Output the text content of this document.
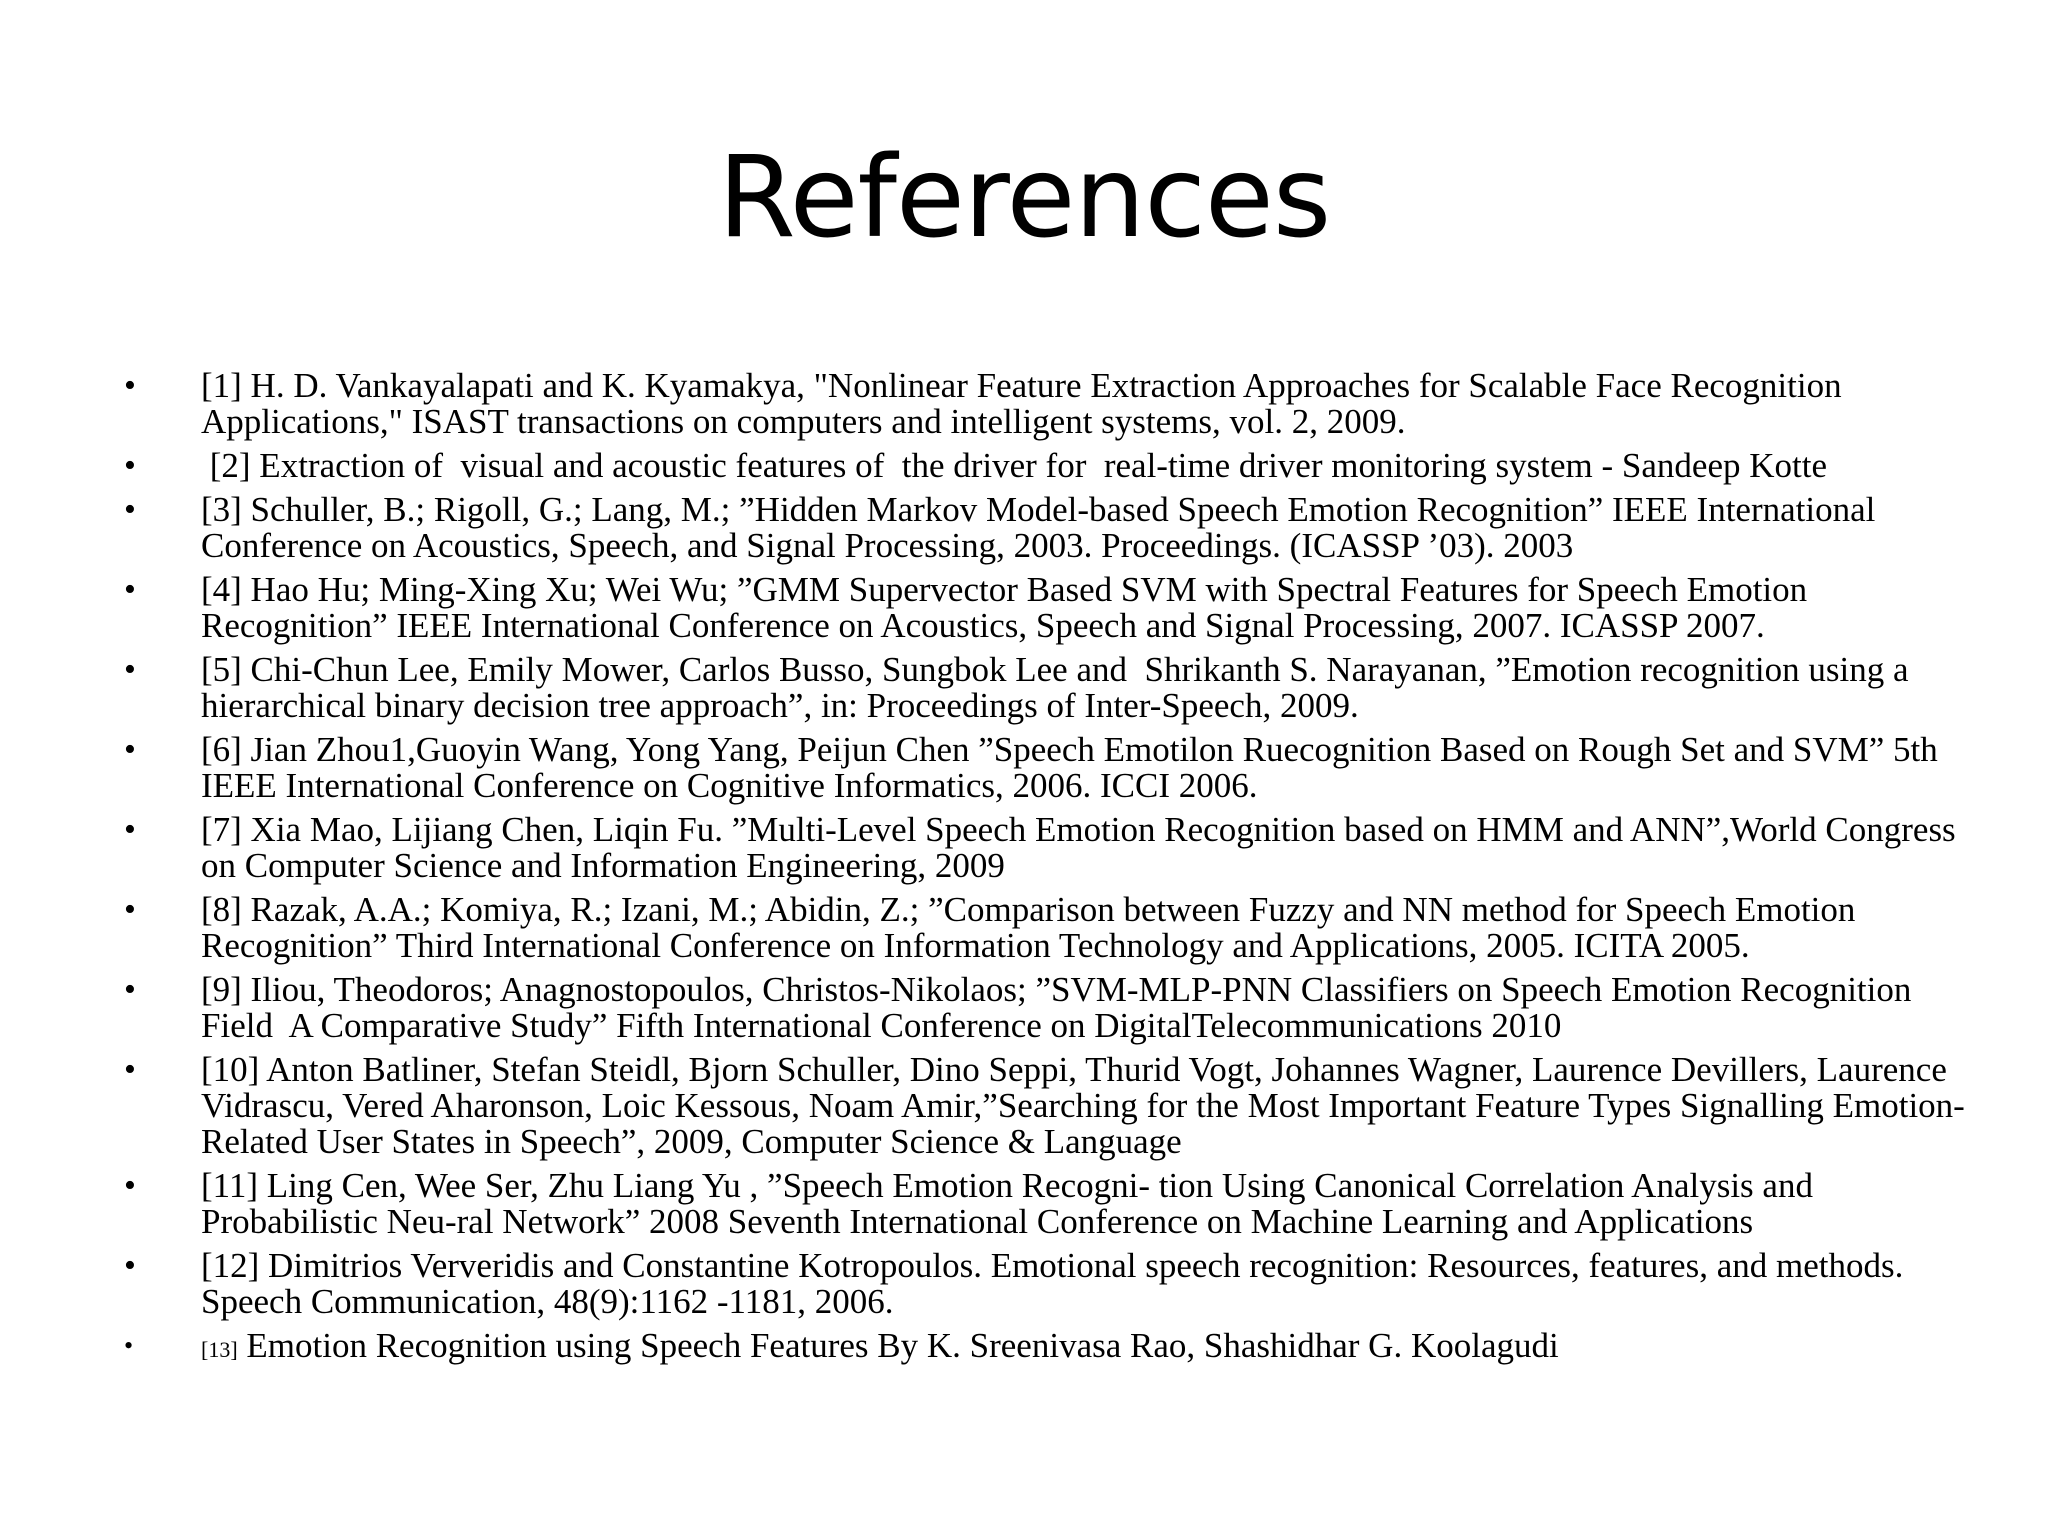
References
• [1] H. D. Vankayalapati and K. Kyamakya, "Nonlinear Feature Extraction Approaches for Scalable Face Recognition Applications," ISAST transactions on computers and intelligent systems, vol. 2, 2009.
• [2] Extraction of  visual and acoustic features of  the driver for  real-time driver monitoring system - Sandeep Kotte
• [3] Schuller, B.; Rigoll, G.; Lang, M.; ”Hidden Markov Model-based Speech Emotion Recognition” IEEE International Conference on Acoustics, Speech, and Signal Processing, 2003. Proceedings. (ICASSP ’03). 2003
• [4] Hao Hu; Ming-Xing Xu; Wei Wu; ”GMM Supervector Based SVM with Spectral Features for Speech Emotion Recognition” IEEE International Conference on Acoustics, Speech and Signal Processing, 2007. ICASSP 2007.
• [5] Chi-Chun Lee, Emily Mower, Carlos Busso, Sungbok Lee and  Shrikanth S. Narayanan, ”Emotion recognition using a hierarchical binary decision tree approach”, in: Proceedings of Inter-Speech, 2009.
• [6] Jian Zhou1,Guoyin Wang, Yong Yang, Peijun Chen ”Speech Emotilon Ruecognition Based on Rough Set and SVM” 5th IEEE International Conference on Cognitive Informatics, 2006. ICCI 2006.
• [7] Xia Mao, Lijiang Chen, Liqin Fu. ”Multi-Level Speech Emotion Recognition based on HMM and ANN”,World Congress on Computer Science and Information Engineering, 2009
• [8] Razak, A.A.; Komiya, R.; Izani, M.; Abidin, Z.; ”Comparison between Fuzzy and NN method for Speech Emotion Recognition” Third International Conference on Information Technology and Applications, 2005. ICITA 2005.
• [9] Iliou, Theodoros; Anagnostopoulos, Christos-Nikolaos; ”SVM-MLP-PNN Classifiers on Speech Emotion Recognition Field  A Comparative Study” Fifth International Conference on DigitalTelecommunications 2010
• [10] Anton Batliner, Stefan Steidl, Bjorn Schuller, Dino Seppi, Thurid Vogt, Johannes Wagner, Laurence Devillers, Laurence Vidrascu, Vered Aharonson, Loic Kessous, Noam Amir,”Searching for the Most Important Feature Types Signalling Emotion-Related User States in Speech”, 2009, Computer Science & Language
• [11] Ling Cen, Wee Ser, Zhu Liang Yu , ”Speech Emotion Recogni- tion Using Canonical Correlation Analysis and Probabilistic Neu-ral Network” 2008 Seventh International Conference on Machine Learning and Applications
• [12] Dimitrios Ververidis and Constantine Kotropoulos. Emotional speech recognition: Resources, features, and methods. Speech Communication, 48(9):1162 -1181, 2006.
•	[13] Emotion Recognition using Speech Features By K. Sreenivasa Rao, Shashidhar G. Koolagudi
